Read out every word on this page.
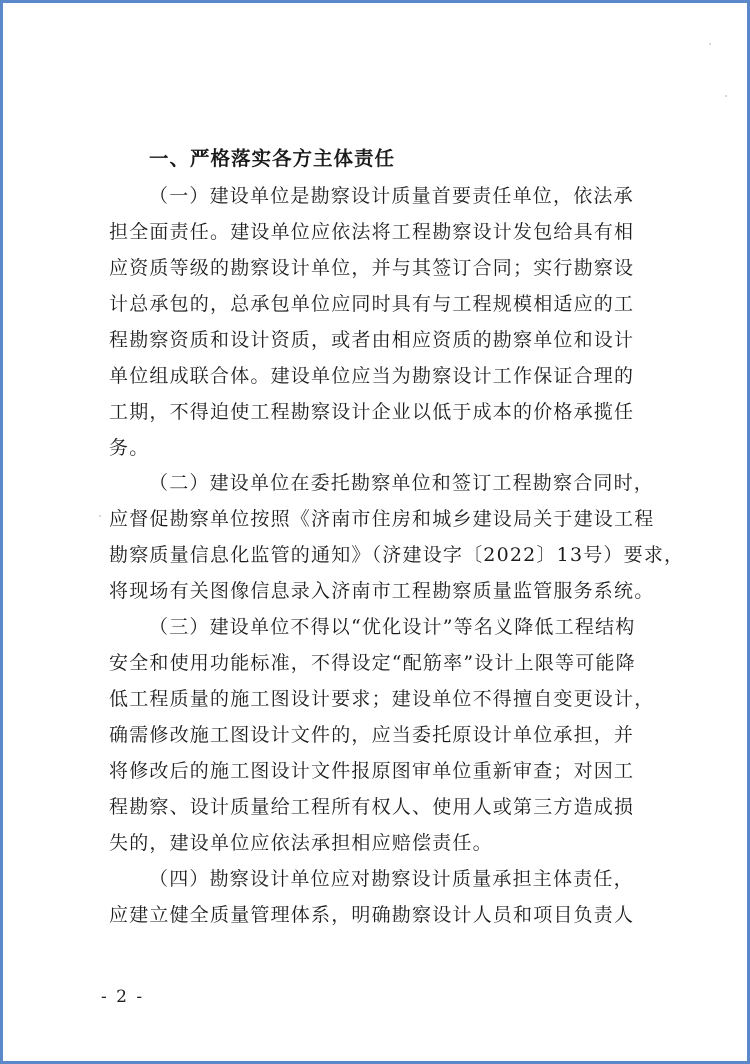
一、严格落实各方主体责任
（一）建设单位是勘察设计质量首要责任单位，依法承
担全面责任。建设单位应依法将工程勘察设计发包给具有相
应资质等级的勘察设计单位，并与其签订合同；实行勘察设
计总承包的，总承包单位应同时具有与工程规模相适应的工
程勘察资质和设计资质，或者由相应资质的勘察单位和设计
单位组成联合体。建设单位应当为勘察设计工作保证合理的
工期，不得迫使工程勘察设计企业以低于成本的价格承揽任
务。
（二）建设单位在委托勘察单位和签订工程勘察合同时，
应督促勘察单位按照《济南市住房和城乡建设局关于建设工程
勘察质量信息化监管的通知》（济建设字〔2022〕13号）要求，
将现场有关图像信息录入济南市工程勘察质量监管服务系统。
（三）建设单位不得以“优化设计”等名义降低工程结构
安全和使用功能标准，不得设定“配筋率”设计上限等可能降
低工程质量的施工图设计要求；建设单位不得擅自变更设计，
确需修改施工图设计文件的，应当委托原设计单位承担，并
将修改后的施工图设计文件报原图审单位重新审查；对因工
程勘察、设计质量给工程所有权人、使用人或第三方造成损
失的，建设单位应依法承担相应赔偿责任。
（四）勘察设计单位应对勘察设计质量承担主体责任，
应建立健全质量管理体系，明确勘察设计人员和项目负责人
- 2 -
